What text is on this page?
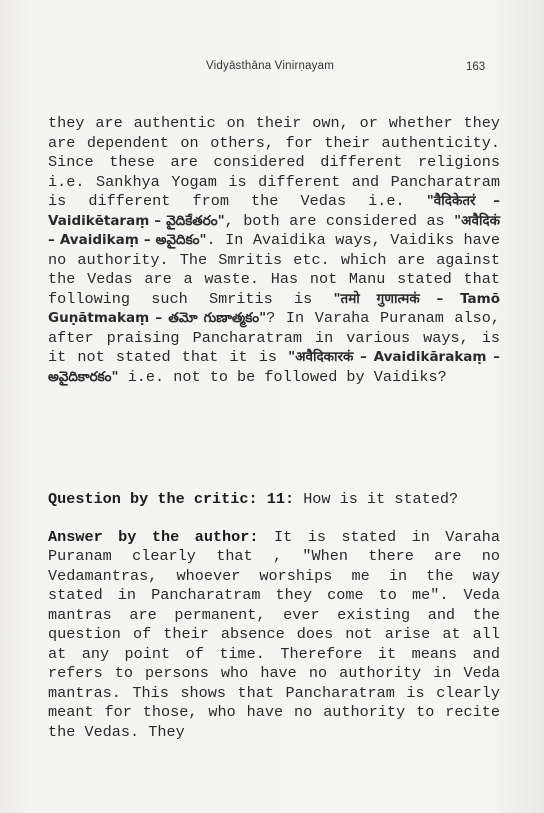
Vidyāsthāna Vinirṇayam	163

they are authentic on their own, or whether they are dependent on others, for their authenticity. Since these are considered different religions i.e. Sankhya Yogam is different and Pancharatram is different from the Vedas i.e. "वैदिकेतरं – Vaidikētaraṃ – వైదికేతరం", both are considered as "अवैदिकं – Avaidikaṃ – అవైదికం". In Avaidika ways, Vaidiks have no authority. The Smritis etc. which are against the Vedas are a waste. Has not Manu stated that following such Smritis is "तमो गुणात्मकं – Tamō Guṇātmakaṃ – తమో గుణాత్మకం"? In Varaha Puranam also, after praising Pancharatram in various ways, is it not stated that it is "अवैदिकारकं – Avaidikārakaṃ – అవైదికారకం" i.e. not to be followed by Vaidiks?

Question by the critic: 11: How is it stated?

Answer by the author: It is stated in Varaha Puranam clearly that , "When there are no Vedamantras, whoever worships me in the way stated in Pancharatram they come to me". Veda mantras are permanent, ever existing and the question of their absence does not arise at all at any point of time. Therefore it means and refers to persons who have no authority in Veda mantras. This shows that Pancharatram is clearly meant for those, who have no authority to recite the Vedas. They
